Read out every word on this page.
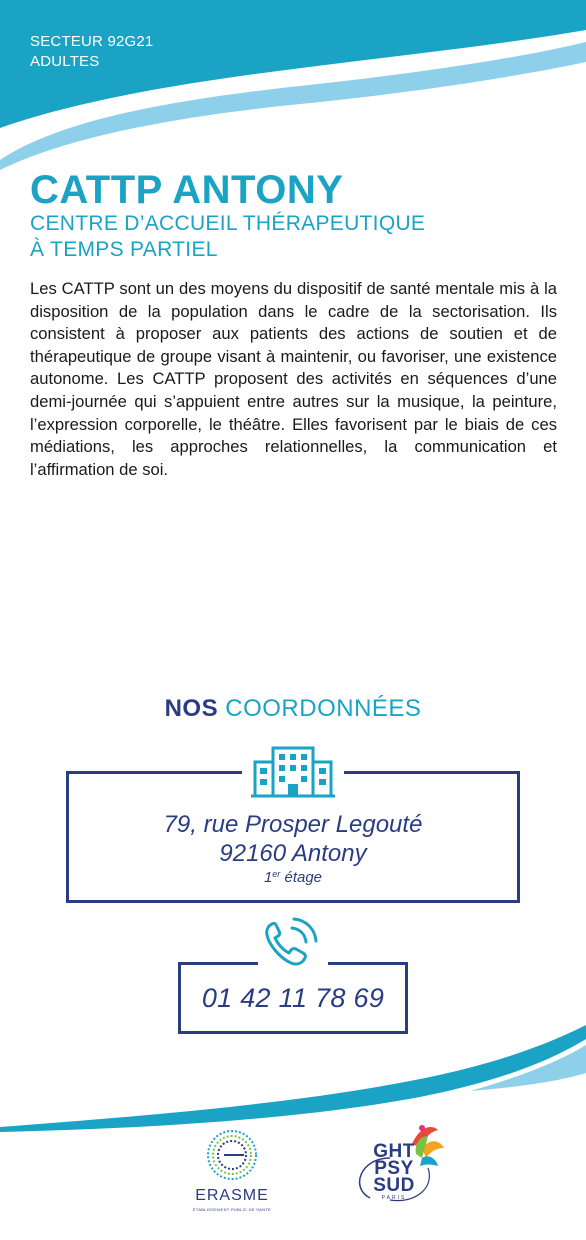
SECTEUR 92G21
ADULTES
CATTP ANTONY
CENTRE D’ACCUEIL THÉRAPEUTIQUE
À TEMPS PARTIEL

Les CATTP sont un des moyens du dispositif de santé mentale mis à la disposition de la population dans le cadre de la sectorisation. Ils consistent à proposer aux patients des actions de soutien et de thérapeutique de groupe visant à maintenir, ou favoriser, une existence autonome. Les CATTP proposent des activités en séquences d’une demi-journée qui s’appuient entre autres sur la musique, la peinture, l’expression corporelle, le théâtre. Elles favorisent par le biais de ces médiations, les approches relationnelles, la communication et l’affirmation de soi.

NOS COORDONNÉES
79, rue Prosper Legouté
92160 Antony
1er étage
01 42 11 78 69
ERASME
ÉTABLISSEMENT PUBLIC DE SANTÉ
GHT
PSY
SUD
PARIS
